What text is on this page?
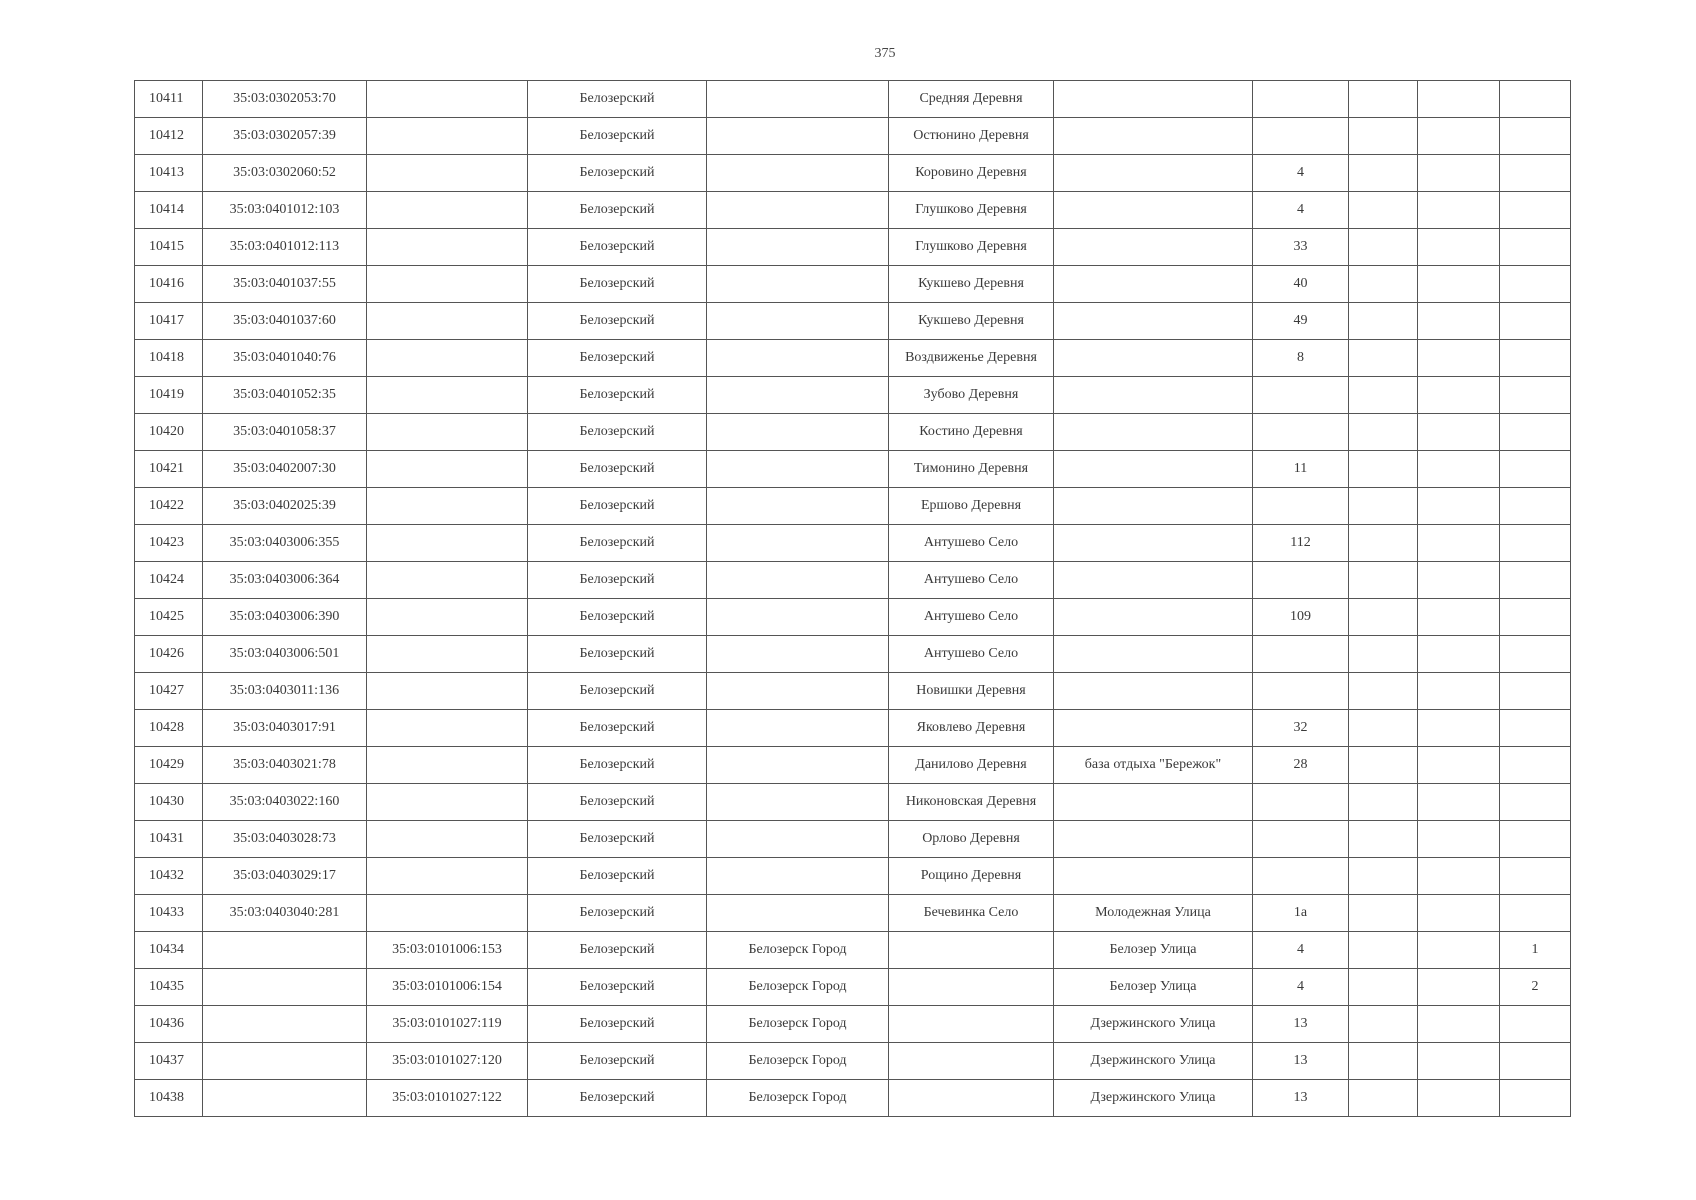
375
10411	35:03:0302053:70		Белозерский		Средняя Деревня					
10412	35:03:0302057:39		Белозерский		Остюнино Деревня					
10413	35:03:0302060:52		Белозерский		Коровино Деревня		4			
10414	35:03:0401012:103		Белозерский		Глушково Деревня		4			
10415	35:03:0401012:113		Белозерский		Глушково Деревня		33			
10416	35:03:0401037:55		Белозерский		Кукшево Деревня		40			
10417	35:03:0401037:60		Белозерский		Кукшево Деревня		49			
10418	35:03:0401040:76		Белозерский		Воздвиженье Деревня		8			
10419	35:03:0401052:35		Белозерский		Зубово Деревня					
10420	35:03:0401058:37		Белозерский		Костино Деревня					
10421	35:03:0402007:30		Белозерский		Тимонино Деревня		11			
10422	35:03:0402025:39		Белозерский		Ершово Деревня					
10423	35:03:0403006:355		Белозерский		Антушево Село		112			
10424	35:03:0403006:364		Белозерский		Антушево Село					
10425	35:03:0403006:390		Белозерский		Антушево Село		109			
10426	35:03:0403006:501		Белозерский		Антушево Село					
10427	35:03:0403011:136		Белозерский		Новишки Деревня					
10428	35:03:0403017:91		Белозерский		Яковлево Деревня		32			
10429	35:03:0403021:78		Белозерский		Данилово Деревня	база отдыха "Бережок"	28			
10430	35:03:0403022:160		Белозерский		Никоновская Деревня					
10431	35:03:0403028:73		Белозерский		Орлово Деревня					
10432	35:03:0403029:17		Белозерский		Рощино Деревня					
10433	35:03:0403040:281		Белозерский		Бечевинка Село	Молодежная Улица	1а			
10434		35:03:0101006:153	Белозерский	Белозерск Город		Белозер Улица	4			1
10435		35:03:0101006:154	Белозерский	Белозерск Город		Белозер Улица	4			2
10436		35:03:0101027:119	Белозерский	Белозерск Город		Дзержинского Улица	13			
10437		35:03:0101027:120	Белозерский	Белозерск Город		Дзержинского Улица	13			
10438		35:03:0101027:122	Белозерский	Белозерск Город		Дзержинского Улица	13			
